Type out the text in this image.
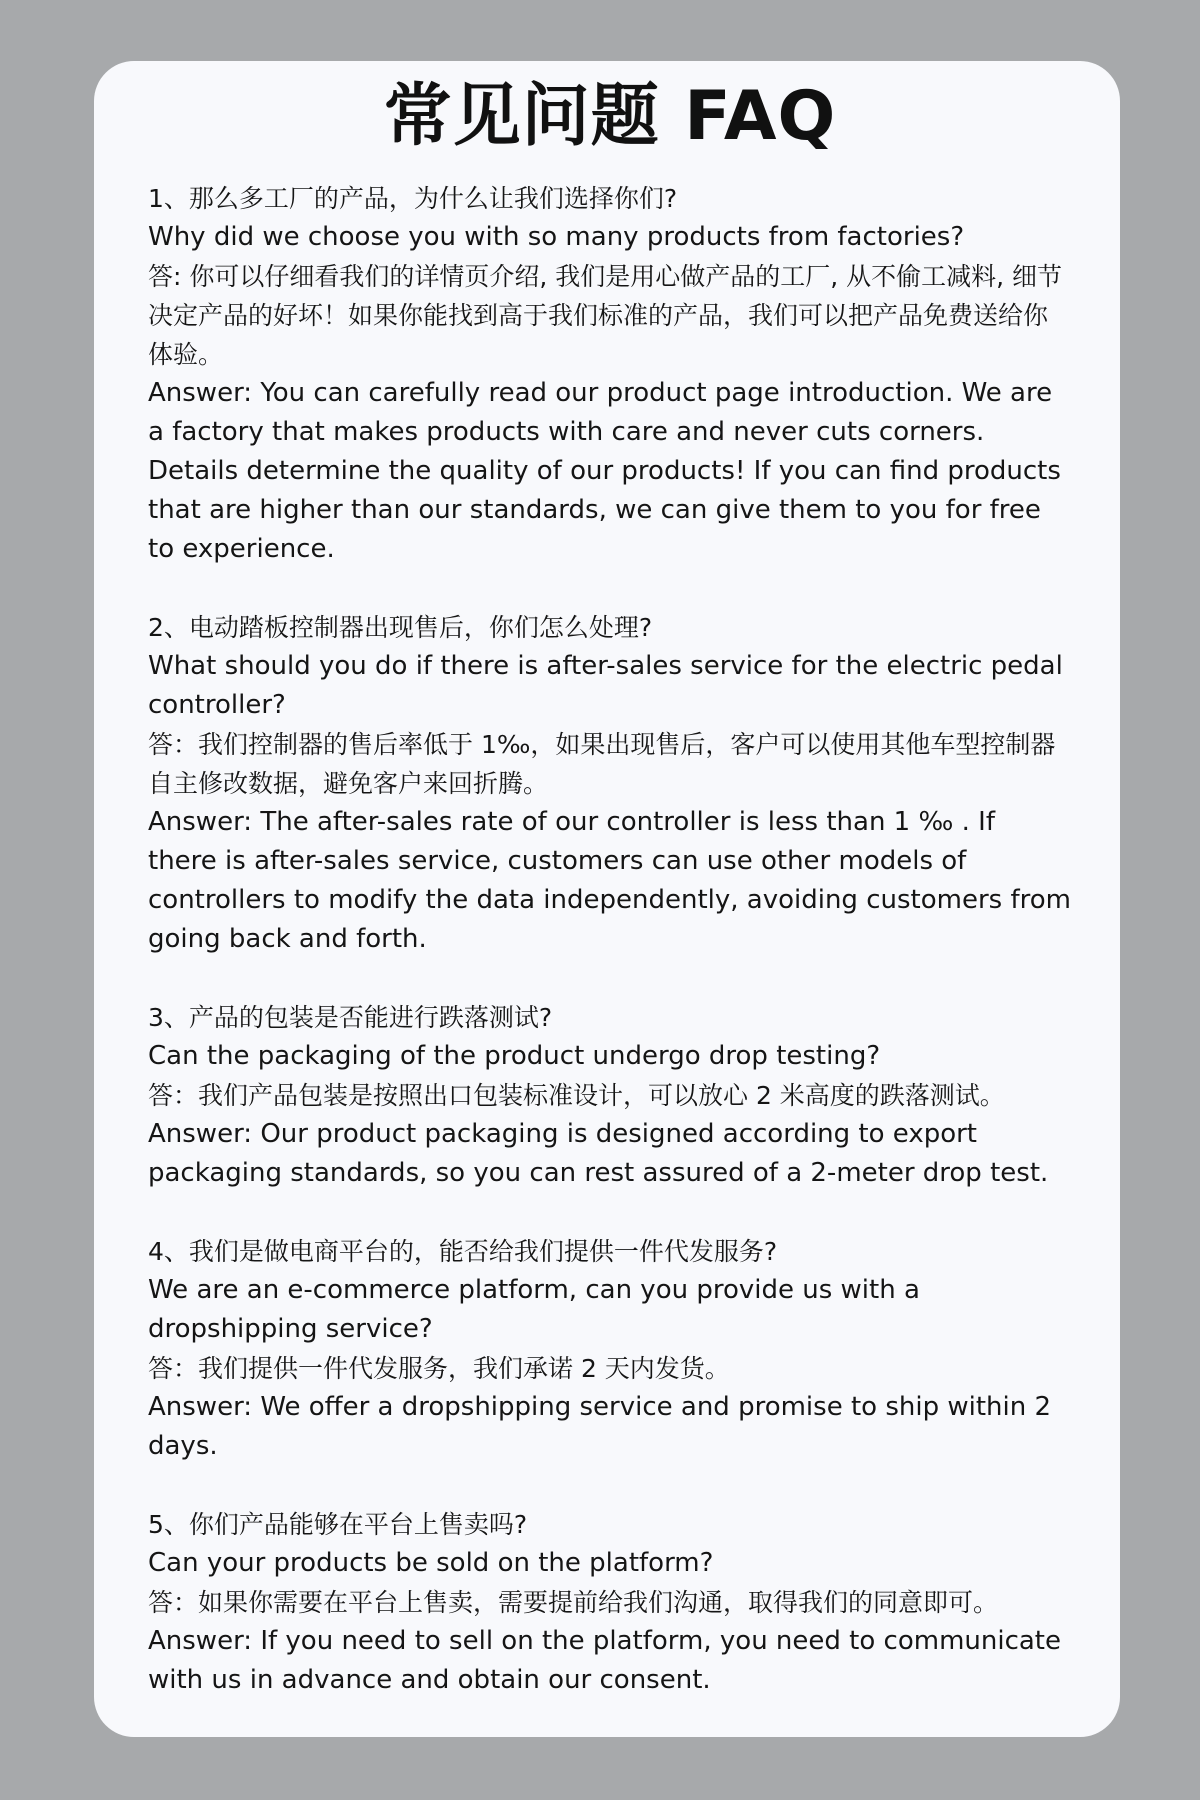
常见问题 FAQ

1、那么多工厂的产品，为什么让我们选择你们?

Why did we choose you with so many products from factories?

答: 你可以仔细看我们的详情页介绍, 我们是用心做产品的工厂, 从不偷工减料, 细节决定产品的好坏！如果你能找到高于我们标准的产品，我们可以把产品免费送给你体验。

Answer: You can carefully read our product page introduction. We are a factory that makes products with care and never cuts corners. Details determine the quality of our products! If you can find products that are higher than our standards, we can give them to you for free to experience.

2、电动踏板控制器出现售后，你们怎么处理?

What should you do if there is after-sales service for the electric pedal controller?

答：我们控制器的售后率低于 1‰，如果出现售后，客户可以使用其他车型控制器自主修改数据，避免客户来回折腾。

Answer: The after-sales rate of our controller is less than 1 ‰ . If there is after-sales service, customers can use other models of controllers to modify the data independently, avoiding customers from going back and forth.

3、产品的包装是否能进行跌落测试?

Can the packaging of the product undergo drop testing?

答：我们产品包装是按照出口包装标准设计，可以放心 2 米高度的跌落测试。

Answer: Our product packaging is designed according to export packaging standards, so you can rest assured of a 2-meter drop test.

4、我们是做电商平台的，能否给我们提供一件代发服务?

We are an e-commerce platform, can you provide us with a dropshipping service?

答：我们提供一件代发服务，我们承诺 2 天内发货。

Answer: We offer a dropshipping service and promise to ship within 2 days.

5、你们产品能够在平台上售卖吗?

Can your products be sold on the platform?

答：如果你需要在平台上售卖，需要提前给我们沟通，取得我们的同意即可。

Answer: If you need to sell on the platform, you need to communicate with us in advance and obtain our consent.
